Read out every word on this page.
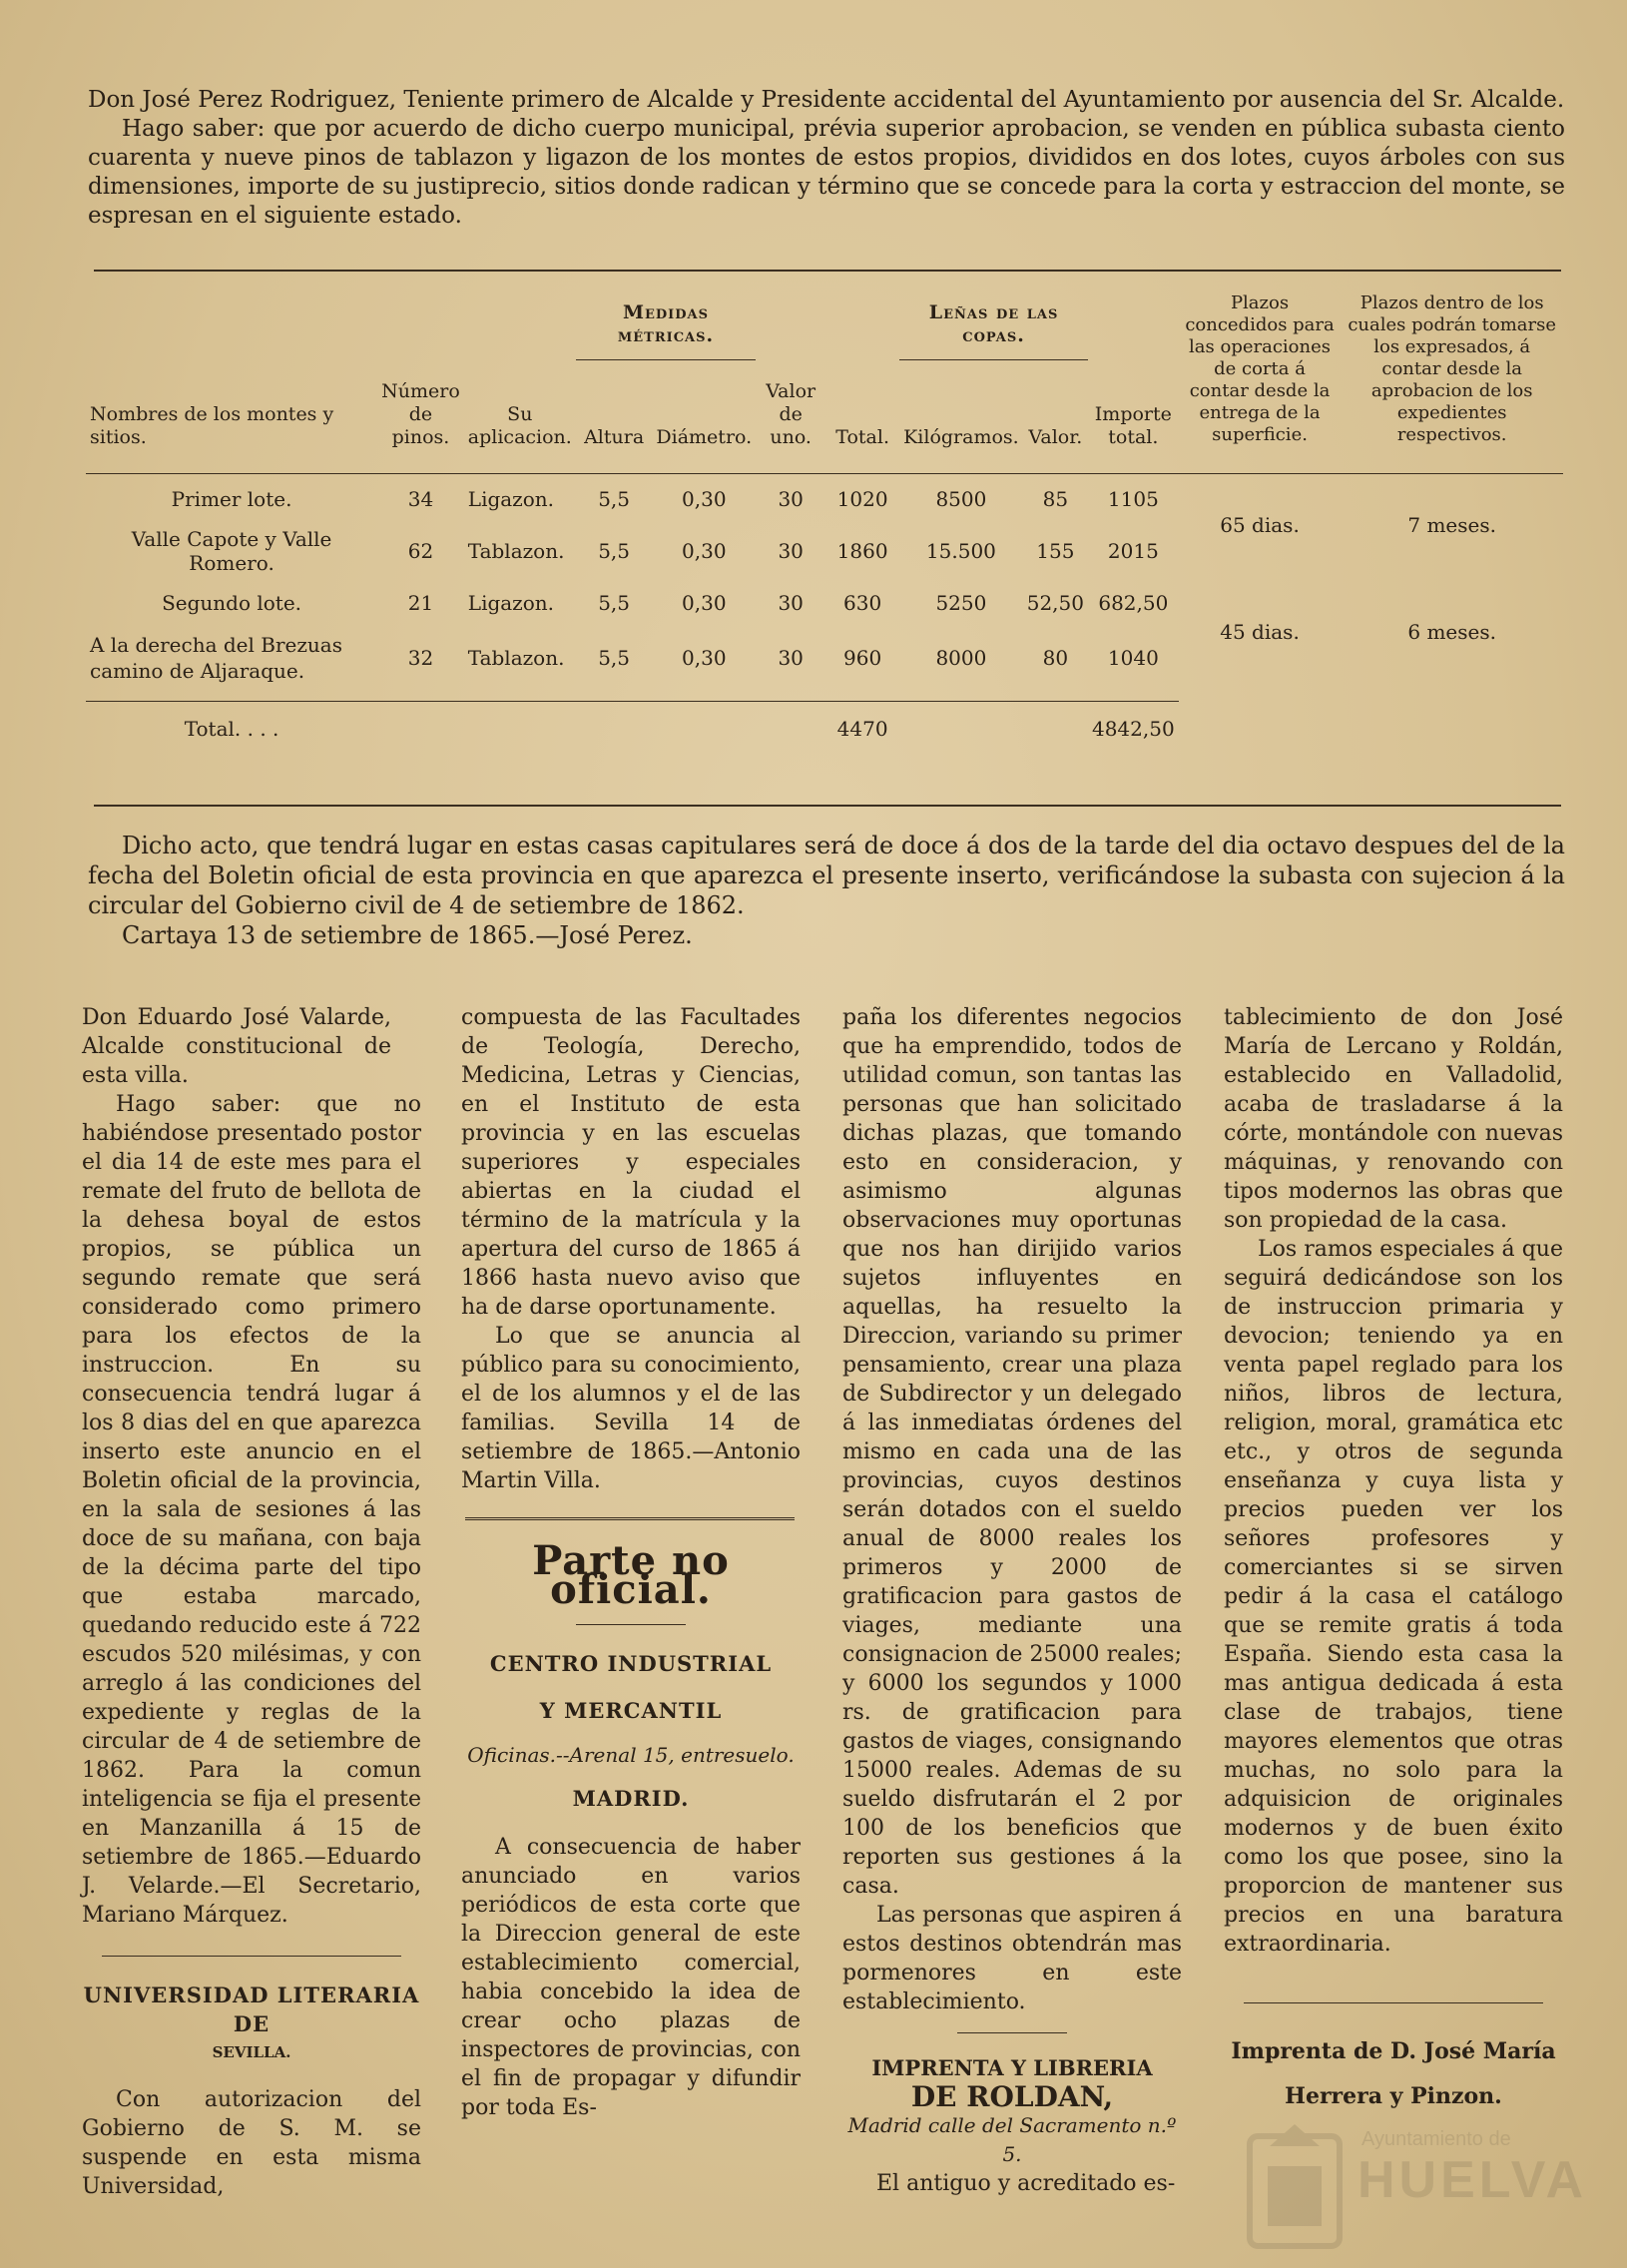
Don José Perez Rodriguez, Teniente primero de Alcalde y Presidente accidental del Ayuntamiento por ausencia del Sr. Alcalde.

Hago saber: que por acuerdo de dicho cuerpo municipal, prévia superior aprobacion, se venden en pública subasta ciento cuarenta y nueve pinos de tablazon y ligazon de los montes de estos propios, divididos en dos lotes, cuyos árboles con sus dimensiones, importe de su justiprecio, sitios donde radican y término que se concede para la corta y estraccion del monte, se espresan en el siguiente estado.

			Medidas métricas.				Leñas de las copas.			Plazos concedidos para las operaciones de corta á contar desde la entrega de la superficie.	Plazos dentro de los cuales podrán tomarse los expresados, á contar desde la aprobacion de los expedientes respectivos.
Nombres de los montes y sitios.	Número de pinos.	Su aplicacion.	Altura	Diámetro.	Valor de uno.	Total.	Kilógramos.	Valor.	Importe total.		

Primer lote.	34	Ligazon.	5,5	0,30	30	1020	8500	85	1105	65 dias.	7 meses.
Valle Capote y Valle Romero.	62	Tablazon.	5,5	0,30	30	1860	15.500	155	2015		
Segundo lote.	21	Ligazon.	5,5	0,30	30	630	5250	52,50	682,50	45 dias.	6 meses.
A la derecha del Brezuas camino de Aljaraque.	32	Tablazon.	5,5	0,30	30	960	8000	80	1040		

Total. . . .						4470			4842,50		

Dicho acto, que tendrá lugar en estas casas capitulares será de doce á dos de la tarde del dia octavo despues del de la fecha del Boletin oficial de esta provincia en que aparezca el presente inserto, verificándose la subasta con sujecion á la circular del Gobierno civil de 4 de setiembre de 1862.

Cartaya 13 de setiembre de 1865.—José Perez.

Don Eduardo José Valarde, Alcalde constitucional de esta villa.

Hago saber: que no habiéndose presentado postor el dia 14 de este mes para el remate del fruto de bellota de la dehesa boyal de estos propios, se pública un segundo remate que será considerado como primero para los efectos de la instruccion. En su consecuencia tendrá lugar á los 8 dias del en que aparezca inserto este anuncio en el Boletin oficial de la provincia, en la sala de sesiones á las doce de su mañana, con baja de la décima parte del tipo que estaba marcado, quedando reducido este á 722 escudos 520 milésimas, y con arreglo á las condiciones del expediente y reglas de la circular de 4 de setiembre de 1862. Para la comun inteligencia se fija el presente en Manzanilla á 15 de setiembre de 1865.—Eduardo J. Velarde.—El Secretario, Mariano Márquez.

UNIVERSIDAD LITERARIA DE
SEVILLA.

Con autorizacion del Gobierno de S. M. se suspende en esta misma Universidad,

compuesta de las Facultades de Teología, Derecho, Medicina, Letras y Ciencias, en el Instituto de esta provincia y en las escuelas superiores y especiales abiertas en la ciudad el término de la matrícula y la apertura del curso de 1865 á 1866 hasta nuevo aviso que ha de darse oportunamente.

Lo que se anuncia al público para su conocimiento, el de los alumnos y el de las familias. Sevilla 14 de setiembre de 1865.—Antonio Martin Villa.

Parte no oficial.
CENTRO INDUSTRIAL
Y MERCANTIL
Oficinas.--Arenal 15, entresuelo.
MADRID.

A consecuencia de haber anunciado en varios periódicos de esta corte que la Direccion general de este establecimiento comercial, habia concebido la idea de crear ocho plazas de inspectores de provincias, con el fin de propagar y difundir por toda Es-

paña los diferentes negocios que ha emprendido, todos de utilidad comun, son tantas las personas que han solicitado dichas plazas, que tomando esto en consideracion, y asimismo algunas observaciones muy oportunas que nos han dirijido varios sujetos influyentes en aquellas, ha resuelto la Direccion, variando su primer pensamiento, crear una plaza de Subdirector y un delegado á las inmediatas órdenes del mismo en cada una de las provincias, cuyos destinos serán dotados con el sueldo anual de 8000 reales los primeros y 2000 de gratificacion para gastos de viages, mediante una consignacion de 25000 reales; y 6000 los segundos y 1000 rs. de gratificacion para gastos de viages, consignando 15000 reales. Ademas de su sueldo disfrutarán el 2 por 100 de los beneficios que reporten sus gestiones á la casa.

Las personas que aspiren á estos destinos obtendrán mas pormenores en este establecimiento.

IMPRENTA Y LIBRERIA
DE ROLDAN,
Madrid calle del Sacramento n.º 5.

El antiguo y acreditado es-

tablecimiento de don José María de Lercano y Roldán, establecido en Valladolid, acaba de trasladarse á la córte, montándole con nuevas máquinas, y renovando con tipos modernos las obras que son propiedad de la casa.

Los ramos especiales á que seguirá dedicándose son los de instruccion primaria y devocion; teniendo ya en venta papel reglado para los niños, libros de lectura, religion, moral, gramática etc etc., y otros de segunda enseñanza y cuya lista y precios pueden ver los señores profesores y comerciantes si se sirven pedir á la casa el catálogo que se remite gratis á toda España. Siendo esta casa la mas antigua dedicada á esta clase de trabajos, tiene mayores elementos que otras muchas, no solo para la adquisicion de originales modernos y de buen éxito como los que posee, sino la proporcion de mantener sus precios en una baratura extraordinaria.

Imprenta de D. José María
Herrera y Pinzon.
Ayuntamiento de
HUELVA
